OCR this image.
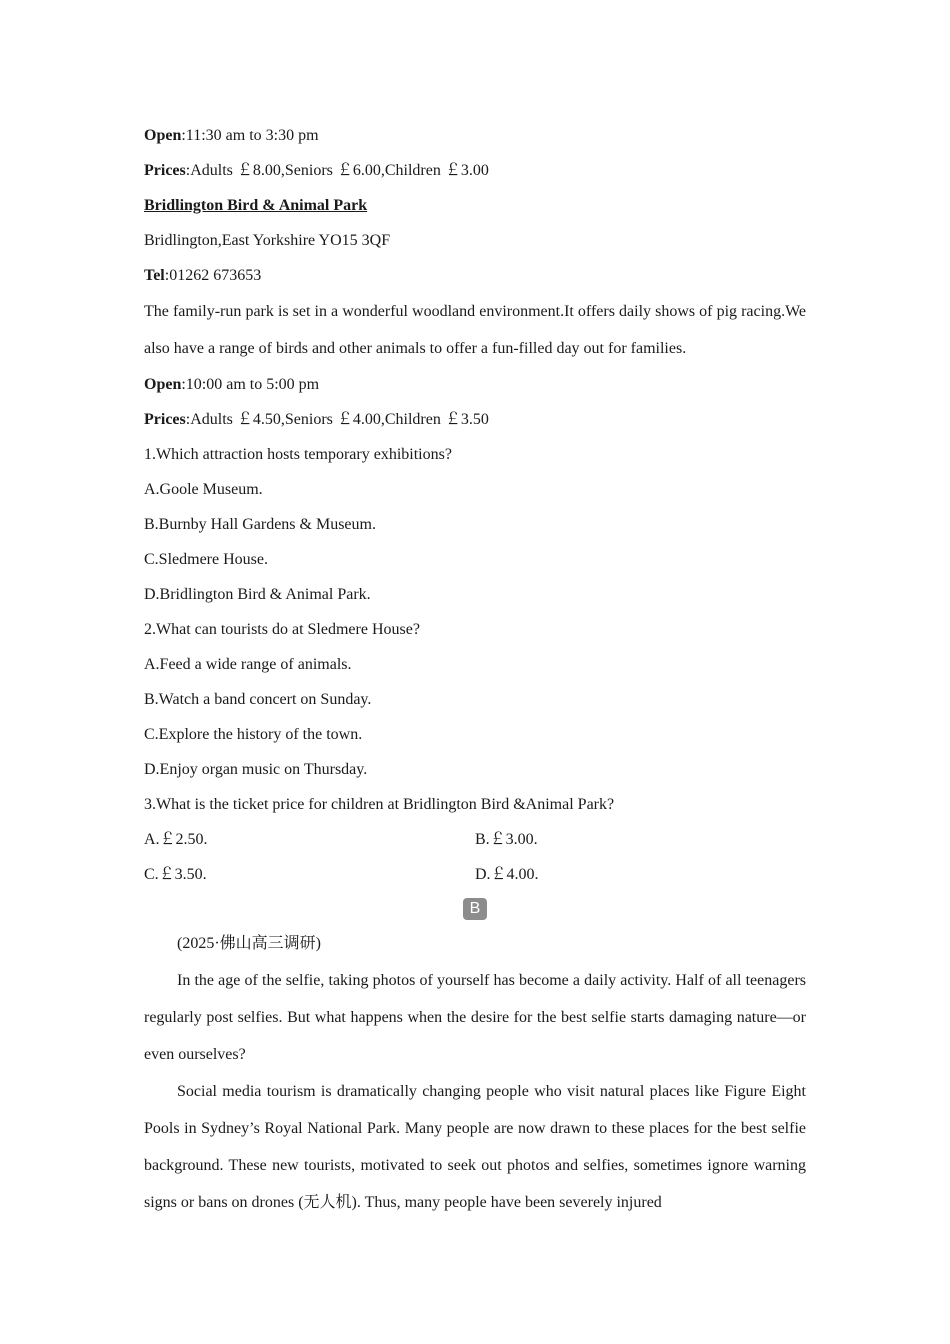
Open:11:30 am to 3:30 pm

Prices:Adults ￡8.00,Seniors ￡6.00,Children ￡3.00

Bridlington Bird & Animal Park

Bridlington,East Yorkshire YO15 3QF

Tel:01262 673653

The family-run park is set in a wonderful woodland environment.It offers daily shows of pig racing.We also have a range of birds and other animals to offer a fun-filled day out for families.

Open:10:00 am to 5:00 pm

Prices:Adults ￡4.50,Seniors ￡4.00,Children ￡3.50

1.Which attraction hosts temporary exhibitions?

A.Goole Museum.

B.Burnby Hall Gardens & Museum.

C.Sledmere House.

D.Bridlington Bird & Animal Park.

2.What can tourists do at Sledmere House?

A.Feed a wide range of animals.

B.Watch a band concert on Sunday.

C.Explore the history of the town.

D.Enjoy organ music on Thursday.

3.What is the ticket price for children at Bridlington Bird &Animal Park?

A.￡2.50.	B.￡3.00.
C.￡3.50.	D.￡4.00.
B

(2025·佛山高三调研)

In the age of the selfie, taking photos of yourself has become a daily activity. Half of all teenagers regularly post selfies. But what happens when the desire for the best selfie starts damaging nature—or even ourselves?

Social media tourism is dramatically changing people who visit natural places like Figure Eight Pools in Sydney’s Royal National Park. Many people are now drawn to these places for the best selfie background. These new tourists, motivated to seek out photos and selfies, sometimes ignore warning signs or bans on drones (无人机). Thus, many people have been severely injured
